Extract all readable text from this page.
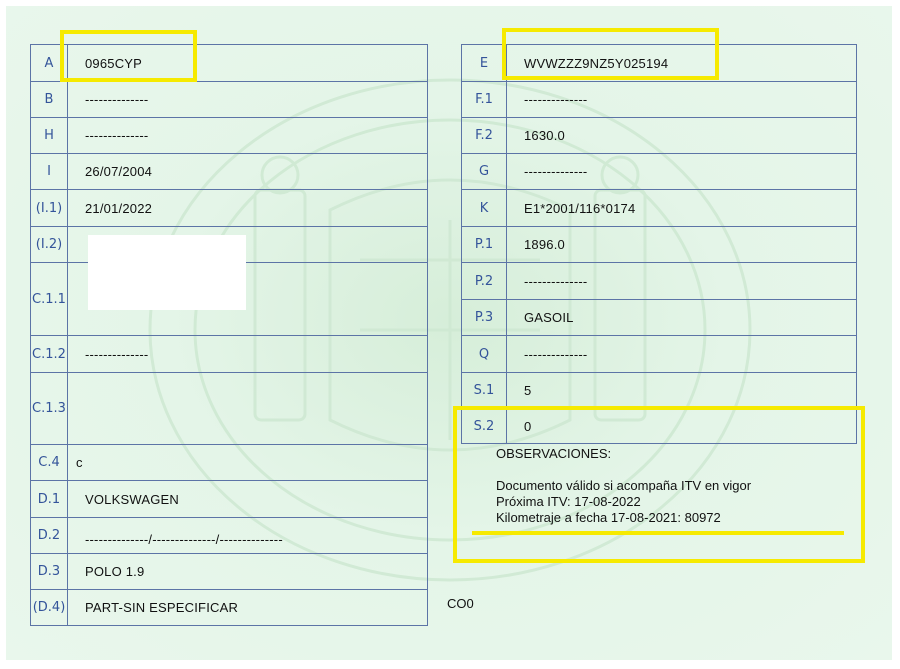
A	0965CYP
B	--------------
H	--------------
I	26/07/2004
(I.1)	21/01/2022
(I.2)	
C.1.1	
C.1.2	--------------
C.1.3	
C.4	c
D.1	VOLKSWAGEN
D.2	--------------/--------------/--------------
D.3	POLO 1.9
(D.4)	PART-SIN ESPECIFICAR
E	WVWZZZ9NZ5Y025194
F.1	--------------
F.2	1630.0
G	--------------
K	E1*2001/116*0174
P.1	1896.0
P.2	--------------
P.3	GASOIL
Q	--------------
S.1	5
S.2	0
OBSERVACIONES:
Documento válido si acompaña ITV en vigor
Próxima ITV: 17-08-2022
Kilometraje a fecha 17-08-2021: 80972
CO0
